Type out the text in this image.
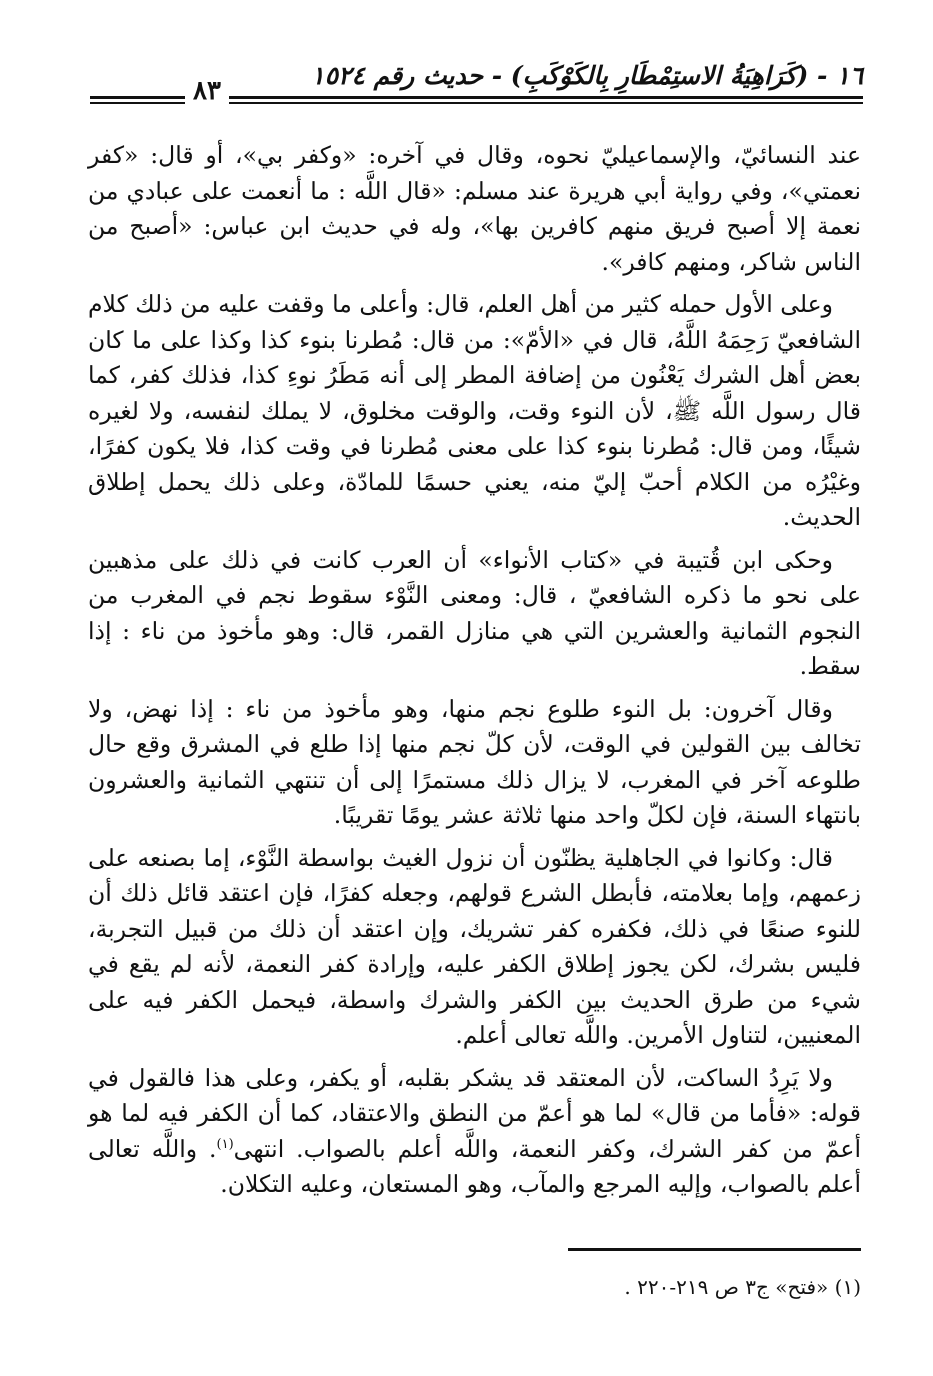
١٦ - (كَرَاهِيَةُ الاستِمْطَارِ بِالكَوْكَبِ) - حديث رقم ١٥٢٤
٨٣

عند النسائيّ، والإسماعيليّ نحوه، وقال في آخره: «وكفر بي»، أو قال: «كفر نعمتي»، وفي رواية أبي هريرة عند مسلم: «قال اللَّه : ما أنعمت على عبادي من نعمة إلا أصبح فريق منهم كافرين بها»، وله في حديث ابن عباس: «أصبح من الناس شاكر، ومنهم كافر».

وعلى الأول حمله كثير من أهل العلم، قال: وأعلى ما وقفت عليه من ذلك كلام الشافعيّ رَحِمَهُ اللَّهُ، قال في «الأمّ»: من قال: مُطرنا بنوء كذا وكذا على ما كان بعض أهل الشرك يَعْنُون من إضافة المطر إلى أنه مَطَرُ نوءِ كذا، فذلك كفر، كما قال رسول اللَّه ﷺ، لأن النوء وقت، والوقت مخلوق، لا يملك لنفسه، ولا لغيره شيئًا، ومن قال: مُطرنا بنوء كذا على معنى مُطرنا في وقت كذا، فلا يكون كفرًا، وغيْرُه من الكلام أحبّ إليّ منه، يعني حسمًا للمادّة، وعلى ذلك يحمل إطلاق الحديث.

وحكى ابن قُتيبة في «كتاب الأنواء» أن العرب كانت في ذلك على مذهبين على نحو ما ذكره الشافعيّ ، قال: ومعنى النَّوْء سقوط نجم في المغرب من النجوم الثمانية والعشرين التي هي منازل القمر، قال: وهو مأخوذ من ناء : إذا سقط.

وقال آخرون: بل النوء طلوع نجم منها، وهو مأخوذ من ناء : إذا نهض، ولا تخالف بين القولين في الوقت، لأن كلّ نجم منها إذا طلع في المشرق وقع حال طلوعه آخر في المغرب، لا يزال ذلك مستمرًا إلى أن تنتهي الثمانية والعشرون بانتهاء السنة، فإن لكلّ واحد منها ثلاثة عشر يومًا تقريبًا.

قال: وكانوا في الجاهلية يظنّون أن نزول الغيث بواسطة النَّوْء، إما بصنعه على زعمهم، وإما بعلامته، فأبطل الشرع قولهم، وجعله كفرًا، فإن اعتقد قائل ذلك أن للنوء صنعًا في ذلك، فكفره كفر تشريك، وإن اعتقد أن ذلك من قبيل التجربة، فليس بشرك، لكن يجوز إطلاق الكفر عليه، وإرادة كفر النعمة، لأنه لم يقع في شيء من طرق الحديث بين الكفر والشرك واسطة، فيحمل الكفر فيه على المعنيين، لتناول الأمرين. واللَّه تعالى أعلم.

ولا يَرِدُ الساكت، لأن المعتقد قد يشكر بقلبه، أو يكفر، وعلى هذا فالقول في قوله: «فأما من قال» لما هو أعمّ من النطق والاعتقاد، كما أن الكفر فيه لما هو أعمّ من كفر الشرك، وكفر النعمة، واللَّه أعلم بالصواب. انتهى$^{(١)}$. واللَّه تعالى أعلم بالصواب، وإليه المرجع والمآب، وهو المستعان، وعليه التكلان.

(١) «فتح» ج٣ ص ٢١٩-٢٢٠ .
